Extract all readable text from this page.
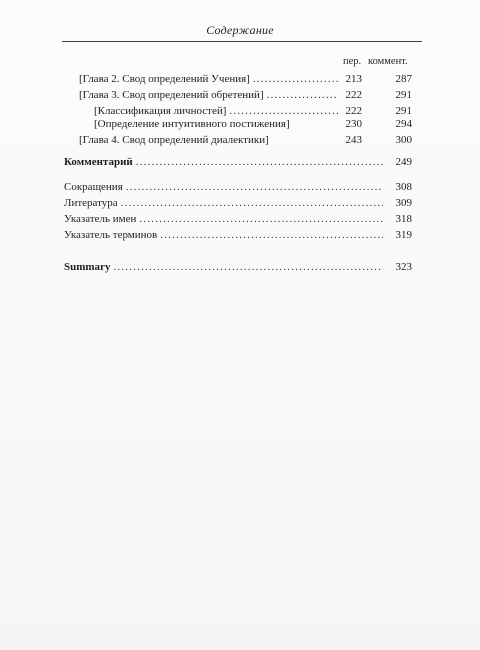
Содержание
пер. коммент.
[Глава 2. Свод определений Учения] .....	213	287
[Глава 3. Свод определений обретений] .....	222	291
[Классификация личностей] .....	222	291
[Определение интуитивного постижения]	230	294
[Глава 4. Свод определений диалектики]	243	300
Комментарий .....	249
Сокращения .....	308
Литература .....	309
Указатель имен .....	318
Указатель терминов .....	319
Summary .....	323
